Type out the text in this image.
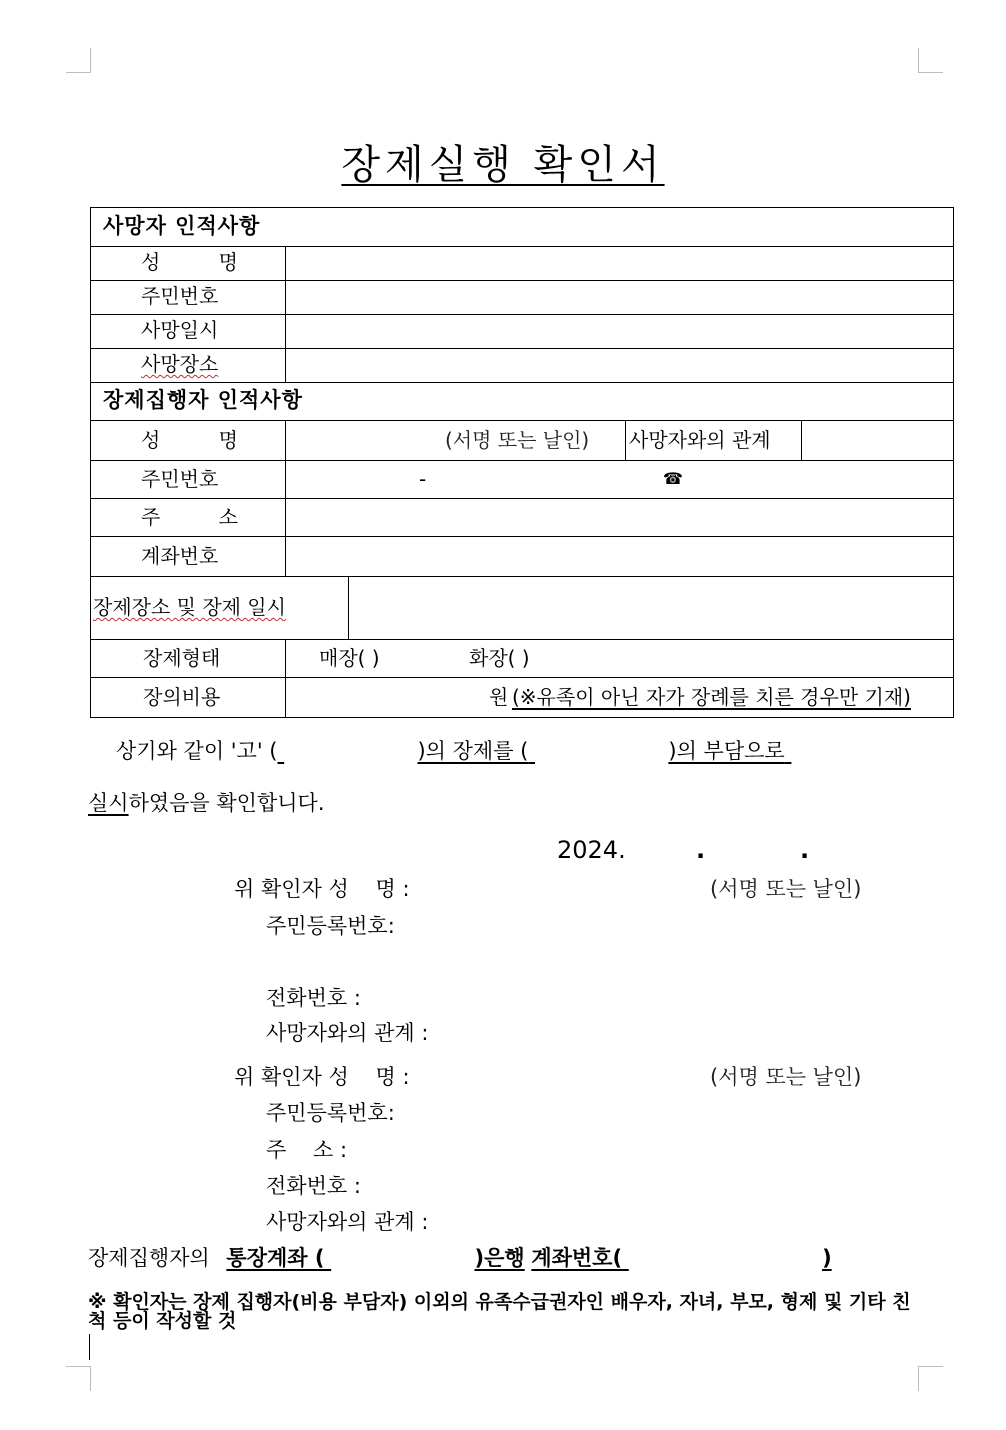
장제실행 확인서
사망자 인적사항
성 명
주민번호
사망일시
사망장소
장제집행자 인적사항
성 명	(서명 또는 날인) 사망자와의 관계
주민번호	-	☎
주 소
계좌번호
장제장소 및 장제 일시
장제형태	매장( )	화장( )
장의비용	원 (※유족이 아닌 자가 장례를 치른 경우만 기재)
상기와 같이 '고' (	)의 장제를 (	)의 부담으로
실시하였음을 확인합니다.
2024.	.	.
위 확인자 성    명 :	(서명 또는 날인)
주민등록번호:
전화번호 :
사망자와의 관계 :
위 확인자 성    명 :	(서명 또는 날인)
주민등록번호:
주    소 :
전화번호 :
사망자와의 관계 :
장제집행자의 통장계좌 (	)은행 계좌번호(	)
※ 확인자는 장제 집행자(비용 부담자) 이외의 유족수급권자인 배우자, 자녀, 부모, 형제 및 기타 친척 등이 작성할 것
